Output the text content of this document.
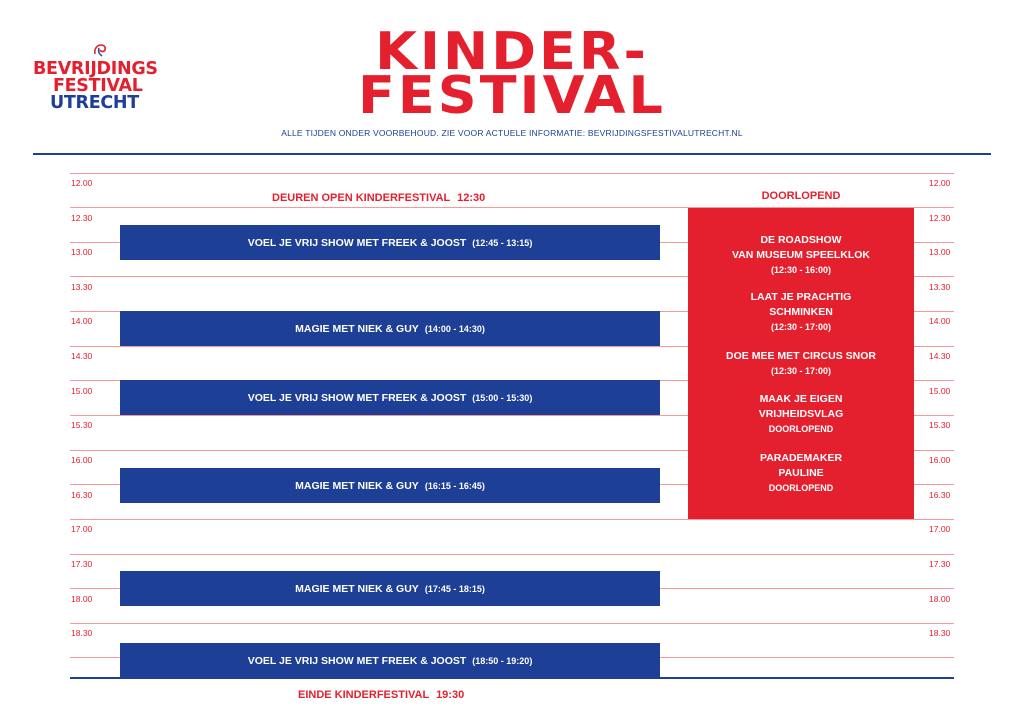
BEVRIJDINGS
FESTIVAL
UTRECHT
KINDER-
FESTIVAL
ALLE TIJDEN ONDER VOORBEHOUD. ZIE VOOR ACTUELE INFORMATIE: BEVRIJDINGSFESTIVALUTRECHT.NL
12.00
12.30
13.00
13.30
14.00
14.30
15.00
15.30
16.00
16.30
17.00
17.30
18.00
18.30
12.00
12.30
13.00
13.30
14.00
14.30
15.00
15.30
16.00
16.30
17.00
17.30
18.00
18.30
DEUREN OPEN KINDERFESTIVAL 12:30	DOORLOPEND
VOEL JE VRIJ SHOW MET FREEK & JOOST (12:45 - 13:15)
MAGIE MET NIEK & GUY (14:00 - 14:30)
VOEL JE VRIJ SHOW MET FREEK & JOOST (15:00 - 15:30)
MAGIE MET NIEK & GUY (16:15 - 16:45)
MAGIE MET NIEK & GUY (17:45 - 18:15)
VOEL JE VRIJ SHOW MET FREEK & JOOST (18:50 - 19:20)
DE ROADSHOW
VAN MUSEUM SPEELKLOK
(12:30 - 16:00)
LAAT JE PRACHTIG
SCHMINKEN
(12:30 - 17:00)
DOE MEE MET CIRCUS SNOR
(12:30 - 17:00)
MAAK JE EIGEN
VRIJHEIDSVLAG
DOORLOPEND
PARADEMAKER
PAULINE
DOORLOPEND
EINDE KINDERFESTIVAL 19:30
